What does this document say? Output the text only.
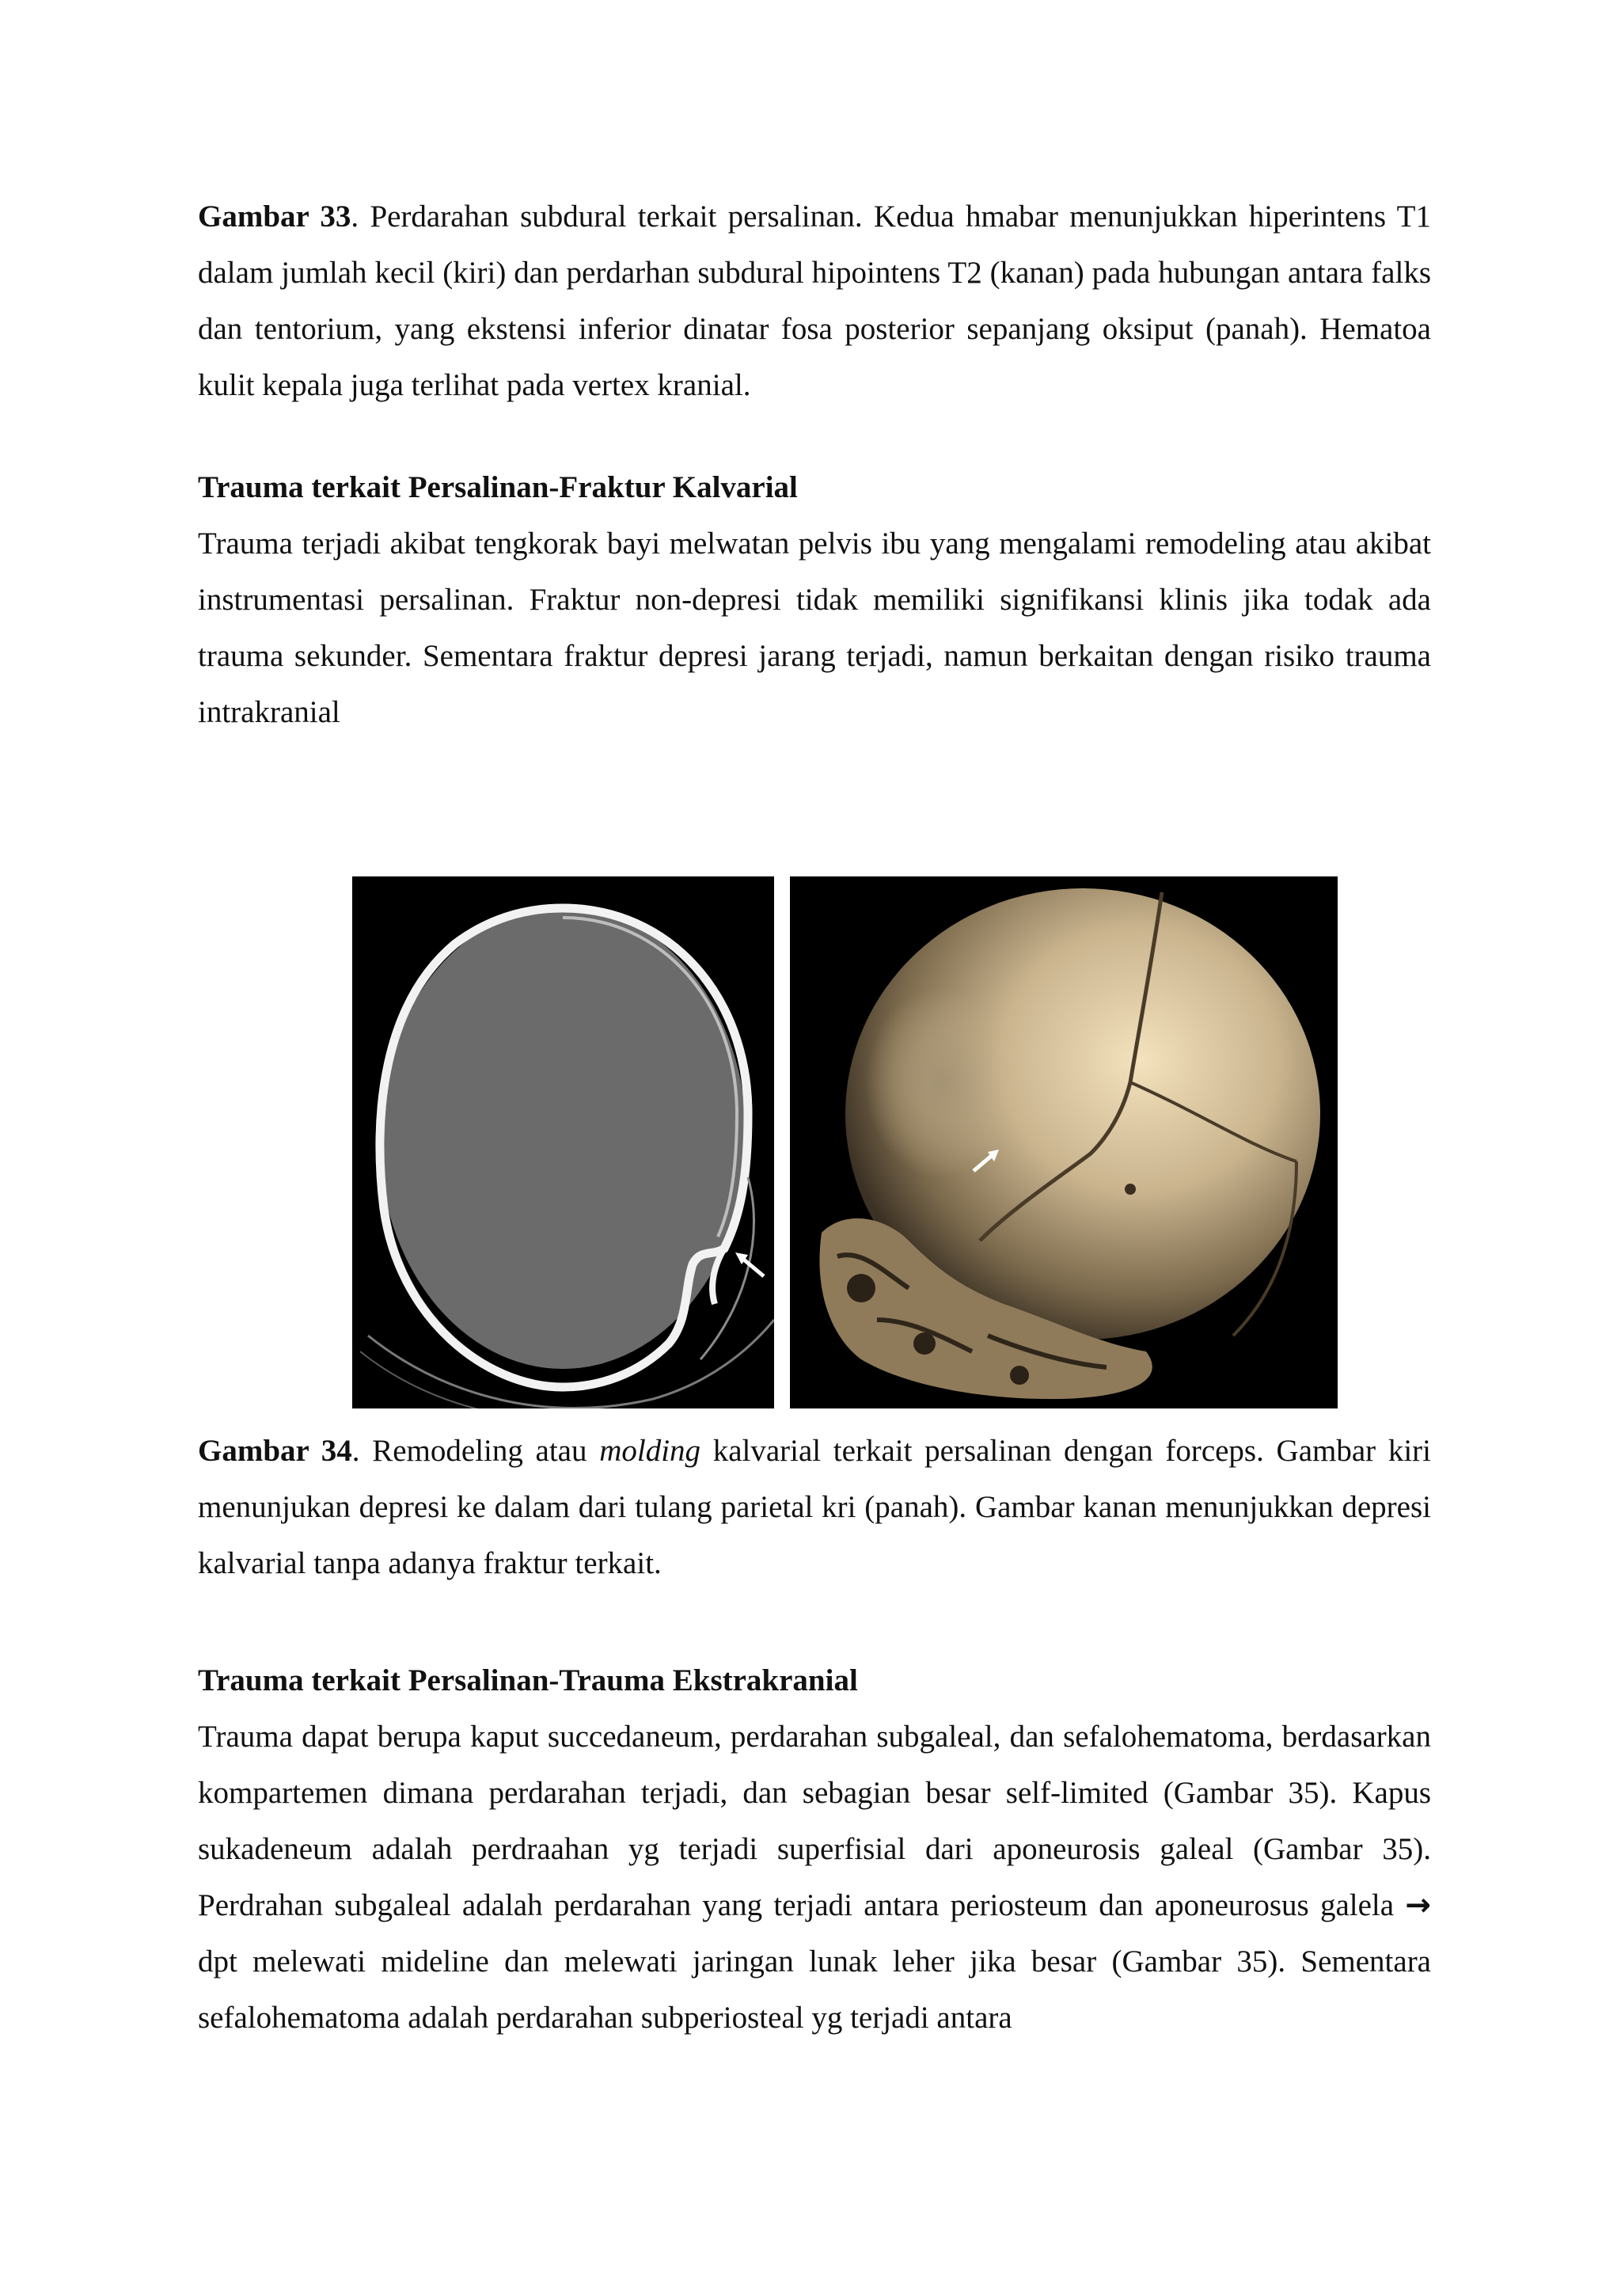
Gambar 33. Perdarahan subdural terkait persalinan. Kedua hmabar menunjukkan hiperintens T1 dalam jumlah kecil (kiri) dan perdarhan subdural hipointens T2 (kanan) pada hubungan antara falks dan tentorium, yang ekstensi inferior dinatar fosa posterior sepanjang oksiput (panah). Hematoa kulit kepala juga terlihat pada vertex kranial.

Trauma terkait Persalinan-Fraktur Kalvarial

Trauma terjadi akibat tengkorak bayi melwatan pelvis ibu yang mengalami remodeling atau akibat instrumentasi persalinan. Fraktur non-depresi tidak memiliki signifikansi klinis jika todak ada trauma sekunder. Sementara fraktur depresi jarang terjadi, namun berkaitan dengan risiko trauma intrakranial

Gambar 34. Remodeling atau molding kalvarial terkait persalinan dengan forceps. Gambar kiri menunjukan depresi ke dalam dari tulang parietal kri (panah). Gambar kanan menunjukkan depresi kalvarial tanpa adanya fraktur terkait.

Trauma terkait Persalinan-Trauma Ekstrakranial

Trauma dapat berupa kaput succedaneum, perdarahan subgaleal, dan sefalohematoma, berdasarkan kompartemen dimana perdarahan terjadi, dan sebagian besar self-limited (Gambar 35). Kapus sukadeneum adalah perdraahan yg terjadi superfisial dari aponeurosis galeal (Gambar 35). Perdrahan subgaleal adalah perdarahan yang terjadi antara periosteum dan aponeurosus galela → dpt melewati mideline dan melewati jaringan lunak leher jika besar (Gambar 35). Sementara sefalohematoma adalah perdarahan subperiosteal yg terjadi antara
